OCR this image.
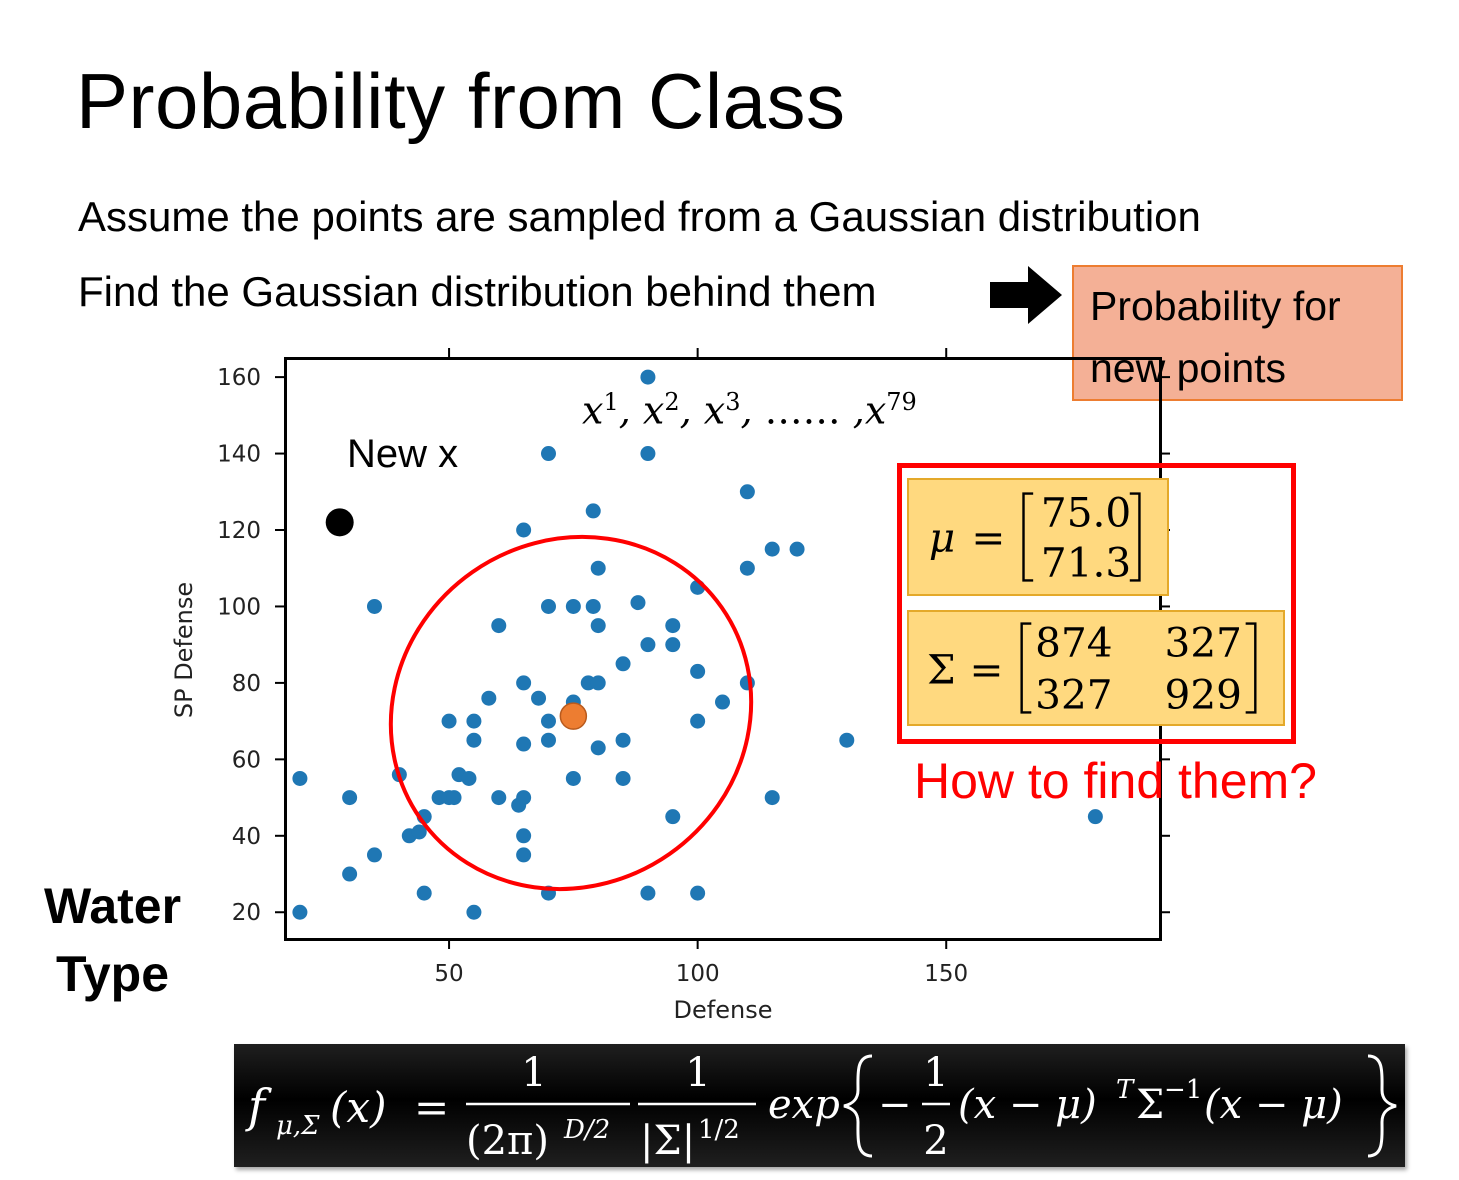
Probability from Class
Assume the points are sampled from a Gaussian distribution
Find the Gaussian distribution behind them	Probability for
new points
20
40
60
80
100
120
140
160
50	100	150
Defense
SP Defense
$x^1$, $x^2$, $x^3$, …… $,x^{79}$
New x
μ =
75.0
71.3
Σ =
874 327
327 929
How to find them?
Water
Type
f μ,Σ (x) =
1
(2π) D/2
1
|Σ| 1/2
exp −
1
2
(x − μ) T Σ −1 (x − μ)
